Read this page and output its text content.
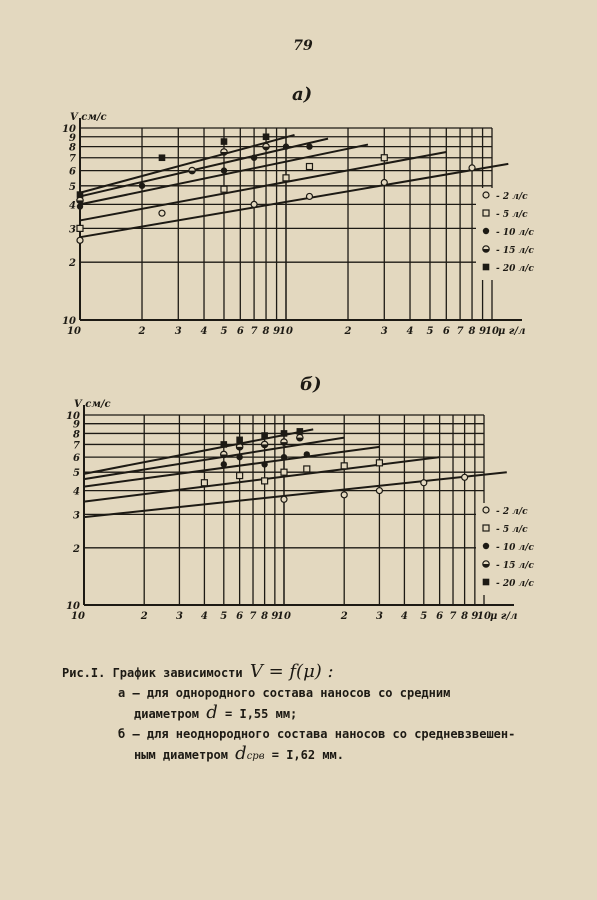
79
a)
б)
10
9
8
7
6
5
4
3
2
10
10	2	3 4 5 6 7 8 9
10	2	3 4 5 6 7 8 9
10
V см/с
μ г/л
- 2 л/с
- 5 л/с
- 10 л/с
- 15 л/с
- 20 л/с
10
9
8
7
6
5
4
3
2
10
10	2	3 4 5 6 7 8 9
10	2	3 4 5 6 7 8 9
10
V см/с
μ г/л
- 2 л/с
- 5 л/с
- 10 л/с
- 15 л/с
- 20 л/с
Рис.I. График зависимости V = f(μ) :
а – для однородного состава наносов со средним
диаметром d = I,55 мм;
б – для неоднородного состава наносов со средневзвешен-
ным диаметром dсрв = I,62 мм.
